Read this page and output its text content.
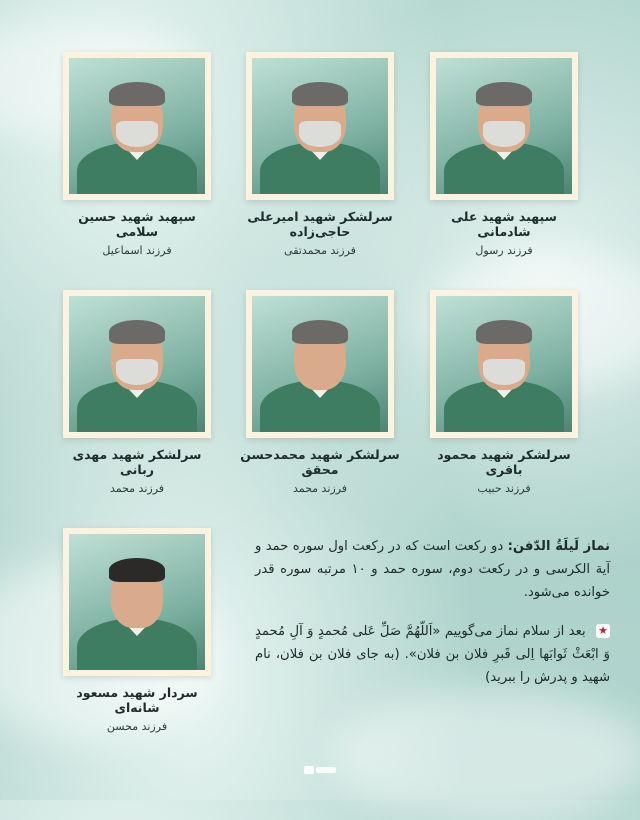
سپهبد شهید حسین سلامی
فرزند اسماعیل
سرلشکر شهید امیرعلی حاجی‌زاده
فرزند محمدتقی
سپهبد شهید علی شادمانی
فرزند رسول
سرلشکر شهید مهدی ربانی
فرزند محمد
سرلشکر شهید محمدحسن محقق
فرزند محمد
سرلشکر شهید محمود باقری
فرزند حبیب
سردار شهید مسعود شانه‌ای
فرزند محسن
نماز لَیلَةُ الدّفن: دو رکعت است که در رکعت اول سوره حمد و آیة الکرسی و در رکعت دوم، سوره حمد و ۱۰ مرتبه سوره قدر خوانده می‌شود.
★ بعد از سلام نماز می‌گوییم «اَللّهُمَّ صَلِّ عَلی مُحمدٍ وَ آلِ مُحمدٍ وَ ابْعَثْ ثَوابَها اِلی قَبرِ فلان بن فلان». (به جای فلان بن فلان، نام شهید و پدرش را ببرید)
